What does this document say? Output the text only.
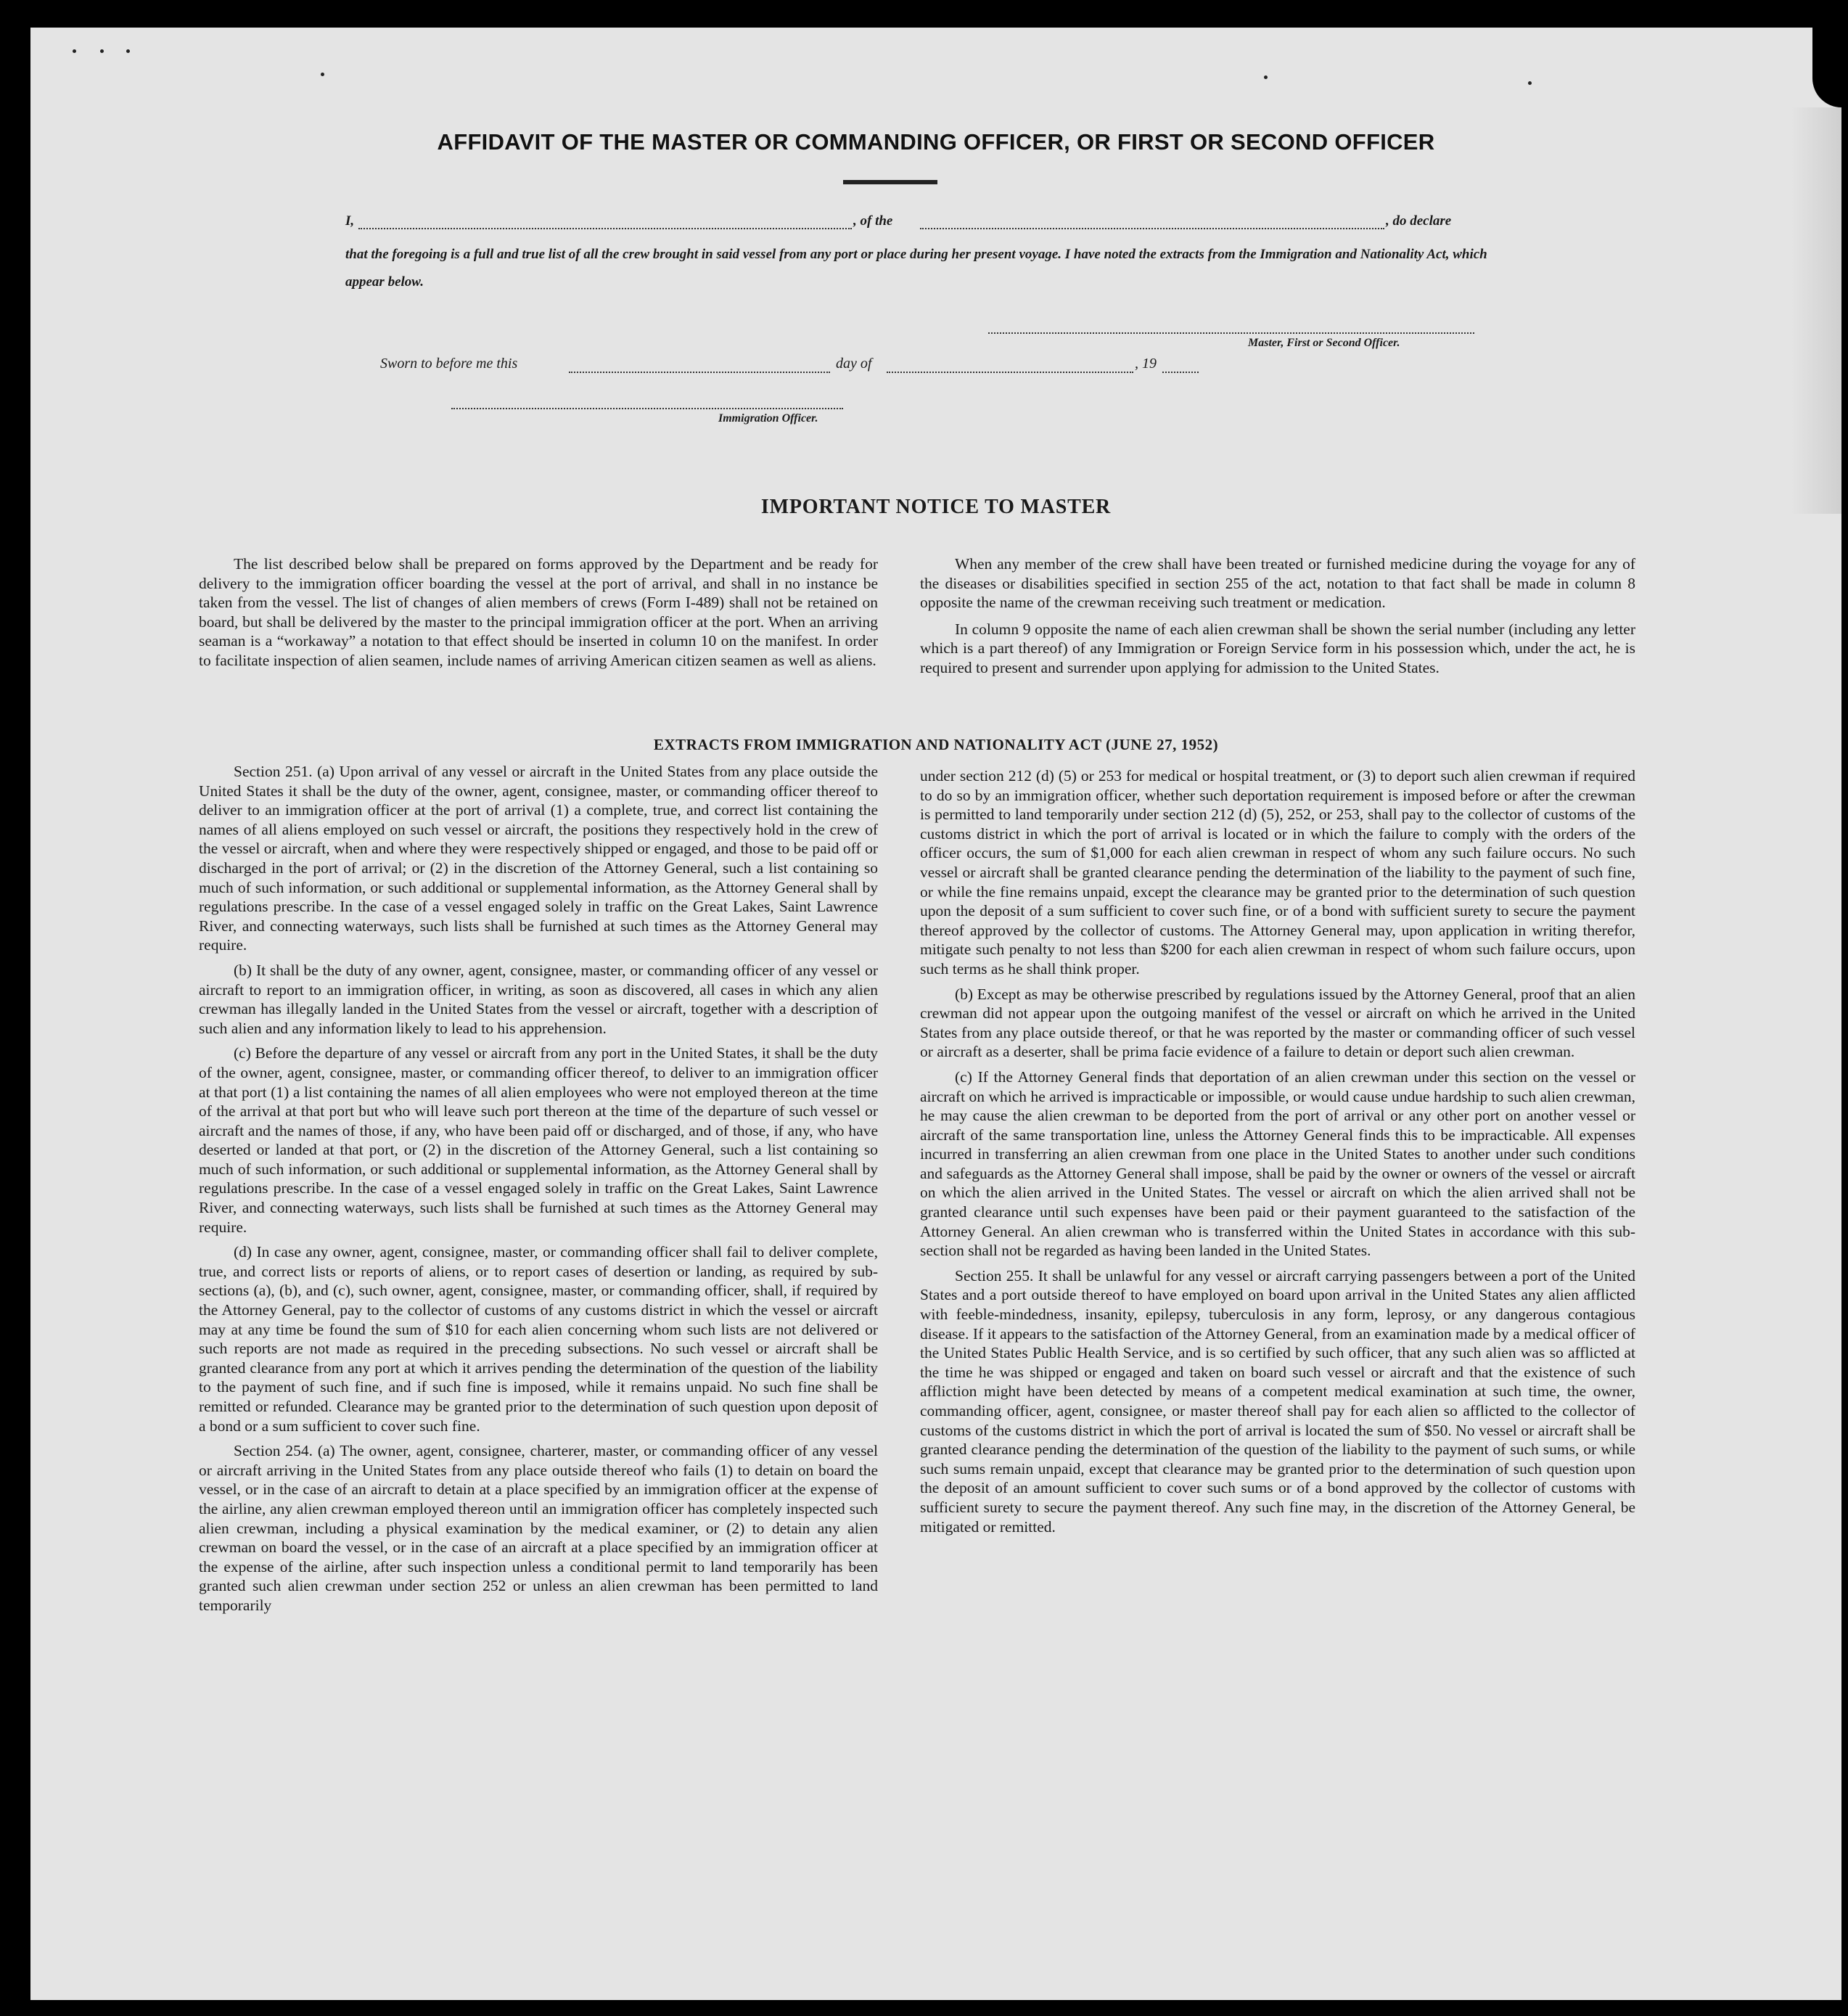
AFFIDAVIT OF THE MASTER OR COMMANDING OFFICER, OR FIRST OR SECOND OFFICER
I,	, of the	, do declare
that the foregoing is a full and true list of all the crew brought in said vessel from any port or place during her present voyage. I have noted the extracts from the Immigration and Nationality Act, which appear below.
Master, First or Second Officer.
Sworn to before me this	day of	, 19
Immigration Officer.
IMPORTANT NOTICE TO MASTER

The list described below shall be prepared on forms approved by the Department and be ready for delivery to the immigration officer boarding the vessel at the port of arrival, and shall in no instance be taken from the vessel. The list of changes of alien members of crews (Form I-489) shall not be retained on board, but shall be delivered by the master to the principal immigration officer at the port. When an arriving seaman is a “workaway” a notation to that effect should be inserted in column 10 on the manifest. In order to facilitate inspection of alien seamen, include names of arriving American citizen seamen as well as aliens.

When any member of the crew shall have been treated or furnished medicine during the voyage for any of the diseases or disabilities specified in section 255 of the act, notation to that fact shall be made in column 8 opposite the name of the crewman receiving such treatment or medication.

In column 9 opposite the name of each alien crewman shall be shown the serial number (including any letter which is a part thereof) of any Immigration or Foreign Service form in his possession which, under the act, he is required to present and surrender upon applying for admission to the United States.

EXTRACTS FROM IMMIGRATION AND NATIONALITY ACT (JUNE 27, 1952)

Section 251. (a) Upon arrival of any vessel or aircraft in the United States from any place outside the United States it shall be the duty of the owner, agent, consignee, master, or commanding officer thereof to deliver to an immigration officer at the port of arrival (1) a complete, true, and correct list containing the names of all aliens employed on such vessel or aircraft, the positions they respectively hold in the crew of the vessel or aircraft, when and where they were respectively shipped or engaged, and those to be paid off or discharged in the port of arrival; or (2) in the discretion of the Attorney General, such a list containing so much of such information, or such additional or supplemental information, as the Attorney General shall by regulations prescribe. In the case of a vessel engaged solely in traffic on the Great Lakes, Saint Lawrence River, and connecting waterways, such lists shall be furnished at such times as the Attorney General may require.

(b) It shall be the duty of any owner, agent, consignee, master, or commanding officer of any vessel or aircraft to report to an immigration officer, in writing, as soon as discovered, all cases in which any alien crewman has illegally landed in the United States from the vessel or aircraft, together with a description of such alien and any information likely to lead to his apprehension.

(c) Before the departure of any vessel or aircraft from any port in the United States, it shall be the duty of the owner, agent, consignee, master, or commanding officer thereof, to deliver to an immigration officer at that port (1) a list containing the names of all alien employees who were not employed thereon at the time of the arrival at that port but who will leave such port thereon at the time of the departure of such vessel or aircraft and the names of those, if any, who have been paid off or discharged, and of those, if any, who have deserted or landed at that port, or (2) in the discretion of the Attorney General, such a list containing so much of such information, or such additional or supplemental information, as the Attorney General shall by regulations prescribe. In the case of a vessel engaged solely in traffic on the Great Lakes, Saint Lawrence River, and connecting waterways, such lists shall be furnished at such times as the Attorney General may require.

(d) In case any owner, agent, consignee, master, or commanding officer shall fail to deliver complete, true, and correct lists or reports of aliens, or to report cases of desertion or landing, as required by sub-sections (a), (b), and (c), such owner, agent, consignee, master, or commanding officer, shall, if required by the Attorney General, pay to the collector of customs of any customs district in which the vessel or aircraft may at any time be found the sum of $10 for each alien concerning whom such lists are not delivered or such reports are not made as required in the preceding subsections. No such vessel or aircraft shall be granted clearance from any port at which it arrives pending the determination of the question of the liability to the payment of such fine, and if such fine is imposed, while it remains unpaid. No such fine shall be remitted or refunded. Clearance may be granted prior to the determination of such question upon deposit of a bond or a sum sufficient to cover such fine.

Section 254. (a) The owner, agent, consignee, charterer, master, or commanding officer of any vessel or aircraft arriving in the United States from any place outside thereof who fails (1) to detain on board the vessel, or in the case of an aircraft to detain at a place specified by an immigration officer at the expense of the airline, any alien crewman employed thereon until an immigration officer has completely inspected such alien crewman, including a physical examination by the medical examiner, or (2) to detain any alien crewman on board the vessel, or in the case of an aircraft at a place specified by an immigration officer at the expense of the airline, after such inspection unless a conditional permit to land temporarily has been granted such alien crewman under section 252 or unless an alien crewman has been permitted to land temporarily

under section 212 (d) (5) or 253 for medical or hospital treatment, or (3) to deport such alien crewman if required to do so by an immigration officer, whether such deportation requirement is imposed before or after the crewman is permitted to land temporarily under section 212 (d) (5), 252, or 253, shall pay to the collector of customs of the customs district in which the port of arrival is located or in which the failure to comply with the orders of the officer occurs, the sum of $1,000 for each alien crewman in respect of whom any such failure occurs. No such vessel or aircraft shall be granted clearance pending the determination of the liability to the payment of such fine, or while the fine remains unpaid, except the clearance may be granted prior to the determination of such question upon the deposit of a sum sufficient to cover such fine, or of a bond with sufficient surety to secure the payment thereof approved by the collector of customs. The Attorney General may, upon application in writing therefor, mitigate such penalty to not less than $200 for each alien crewman in respect of whom such failure occurs, upon such terms as he shall think proper.

(b) Except as may be otherwise prescribed by regulations issued by the Attorney General, proof that an alien crewman did not appear upon the outgoing manifest of the vessel or aircraft on which he arrived in the United States from any place outside thereof, or that he was reported by the master or commanding officer of such vessel or aircraft as a deserter, shall be prima facie evidence of a failure to detain or deport such alien crewman.

(c) If the Attorney General finds that deportation of an alien crewman under this section on the vessel or aircraft on which he arrived is impracticable or impossible, or would cause undue hardship to such alien crewman, he may cause the alien crewman to be deported from the port of arrival or any other port on another vessel or aircraft of the same transportation line, unless the Attorney General finds this to be impracticable. All expenses incurred in transferring an alien crewman from one place in the United States to another under such conditions and safeguards as the Attorney General shall impose, shall be paid by the owner or owners of the vessel or aircraft on which the alien arrived in the United States. The vessel or aircraft on which the alien arrived shall not be granted clearance until such expenses have been paid or their payment guaranteed to the satisfaction of the Attorney General. An alien crewman who is transferred within the United States in accordance with this sub-section shall not be regarded as having been landed in the United States.

Section 255. It shall be unlawful for any vessel or aircraft carrying passengers between a port of the United States and a port outside thereof to have employed on board upon arrival in the United States any alien afflicted with feeble-mindedness, insanity, epilepsy, tuberculosis in any form, leprosy, or any dangerous contagious disease. If it appears to the satisfaction of the Attorney General, from an examination made by a medical officer of the United States Public Health Service, and is so certified by such officer, that any such alien was so afflicted at the time he was shipped or engaged and taken on board such vessel or aircraft and that the existence of such affliction might have been detected by means of a competent medical examination at such time, the owner, commanding officer, agent, consignee, or master thereof shall pay for each alien so afflicted to the collector of customs of the customs district in which the port of arrival is located the sum of $50. No vessel or aircraft shall be granted clearance pending the determination of the question of the liability to the payment of such sums, or while such sums remain unpaid, except that clearance may be granted prior to the determination of such question upon the deposit of an amount sufficient to cover such sums or of a bond approved by the collector of customs with sufficient surety to secure the payment thereof. Any such fine may, in the discretion of the Attorney General, be mitigated or remitted.
